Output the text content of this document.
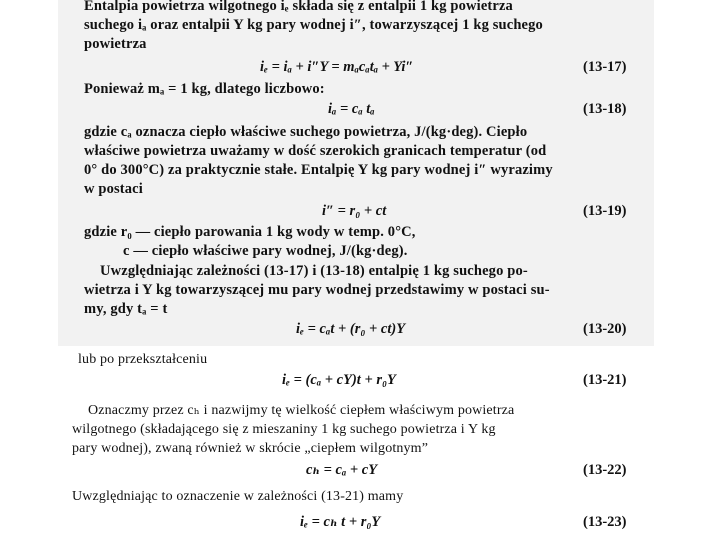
Entalpia powietrza wilgotnego iₑ składa się z entalpii 1 kg powietrza
suchego iₐ oraz entalpii Y kg pary wodnej i″, towarzyszącej 1 kg suchego
powietrza
iₑ = iₐ + i″Y = mₐcₐtₐ + Yi″	(13-17)
Ponieważ mₐ = 1 kg, dlatego liczbowo:
iₐ = cₐ tₐ	(13-18)
gdzie cₐ oznacza ciepło właściwe suchego powietrza, J/(kg·deg). Ciepło
właściwe powietrza uważamy w dość szerokich granicach temperatur (od
0° do 300°C) za praktycznie stałe. Entalpię Y kg pary wodnej i″ wyrazimy
w postaci
i″ = r₀ + ct	(13-19)
gdzie r₀ — ciepło parowania 1 kg wody w temp. 0°C,
c — ciepło właściwe pary wodnej, J/(kg·deg).
Uwzględniając zależności (13-17) i (13-18) entalpię 1 kg suchego po-
wietrza i Y kg towarzyszącej mu pary wodnej przedstawimy w postaci su-
my, gdy tₐ = t
iₑ = cₐt + (r₀ + ct)Y	(13-20)
lub po przekształceniu
iₑ = (cₐ + cY)t + r₀Y	(13-21)
Oznaczmy przez cₕ i nazwijmy tę wielkość ciepłem właściwym powietrza
wilgotnego (składającego się z mieszaniny 1 kg suchego powietrza i Y kg
pary wodnej), zwaną również w skrócie „ciepłem wilgotnym”
cₕ = cₐ + cY	(13-22)
Uwzględniając to oznaczenie w zależności (13-21) mamy
iₑ = cₕ t + r₀Y	(13-23)
